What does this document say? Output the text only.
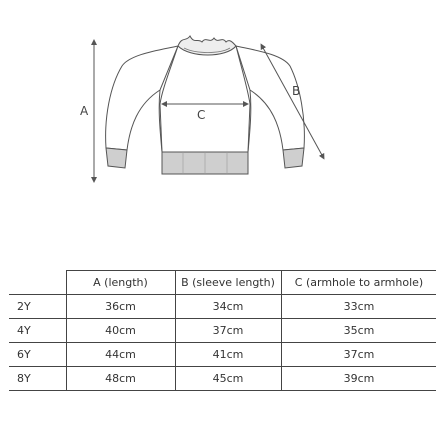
A
B
C
	A (length)	B (sleeve length)	C (armhole to armhole)
2Y	36cm	34cm	33cm
4Y	40cm	37cm	35cm
6Y	44cm	41cm	37cm
8Y	48cm	45cm	39cm
